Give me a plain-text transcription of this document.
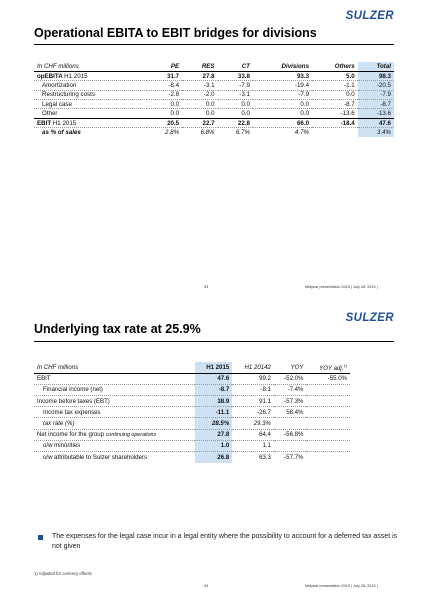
Operational EBITA to EBIT bridges for divisions
SULZER
In CHF millions	PE	RES	CT	Divisions	Others	Total
opEBITA H1 2015	31.7	27.8	33.8	93.3	5.0	98.3
Amortization	-8.4	-3.1	-7.9	-19.4	-1.1	-20.5
Restructuring costs	-2.8	-2.0	-3.1	-7.9	0.0	-7.9
Legal case	0.0	0.0	0.0	0.0	-8.7	-8.7
Other	0.0	0.0	0.0	0.0	-13.6	-13.6
EBIT H1 2015	20.5	22.7	22.8	66.0	-18.4	47.6
as % of sales	2.8%	6.8%	6.7%	4.7%		3.4%
33	Midyear presentation 2015 | July 28, 2015 |
Underlying tax rate at 25.9%
SULZER
In CHF millions	H1 2015	H1 20142	YOY	YOY adj.$^{1)}$
EBIT	47.6	99.2	-52.0%	-55.0%
Financial income (net)	-8.7	-8.1	-7.4%	
Income before taxes (EBT)	38.9	91.1	-57.3%	
Income tax expenses	-11.1	-26.7	58.4%	
tax rate (%)	28.5%	29.3%		
Net income for the group continuing operations	27.8	64.4	-56.8%	
o/w minorities	1.0	1.1		
o/w attributable to Sulzer shareholders	26.8	63.3	-57.7%	
The expenses for the legal case incur in a legal entity where the possibility to account for a deferred tax asset is not given
1) Adjusted for currency effects
34	Midyear presentation 2015 | July 28, 2015 |
